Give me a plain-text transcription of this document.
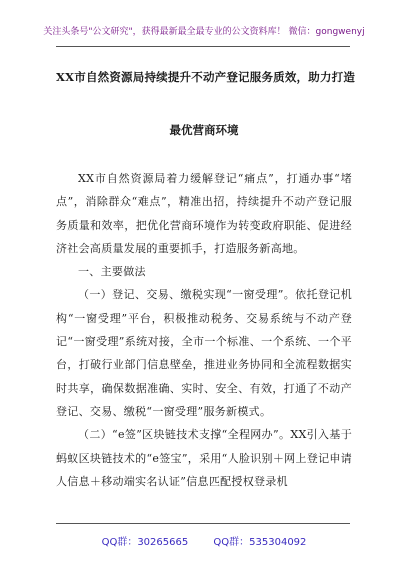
关注头条号"公文研究"，获得最新最全最专业的公文资料库！ 微信：gongwenyj
XX市自然资源局持续提升不动产登记服务质效，助力打造
最优营商环境

XX市自然资源局着力缓解登记“痛点”，打通办事“堵点”，消除群众“难点”，精准出招，持续提升不动产登记服务质量和效率，把优化营商环境作为转变政府职能、促进经济社会高质量发展的重要抓手，打造服务新高地。

一、主要做法

（一）登记、交易、缴税实现“一窗受理”。依托登记机构“一窗受理”平台，积极推动税务、交易系统与不动产登记“一窗受理”系统对接，全市一个标准、一个系统、一个平台，打破行业部门信息壁垒，推进业务协同和全流程数据实时共享，确保数据准确、实时、安全、有效，打通了不动产登记、交易、缴税“一窗受理”服务新模式。

（二）“e签”区块链技术支撑“全程网办”。XX引入基于蚂蚁区块链技术的“e签宝”，采用“人脸识别＋网上登记申请人信息＋移动端实名认证”信息匹配授权登录机

QQ群：30265665	QQ群：535304092
